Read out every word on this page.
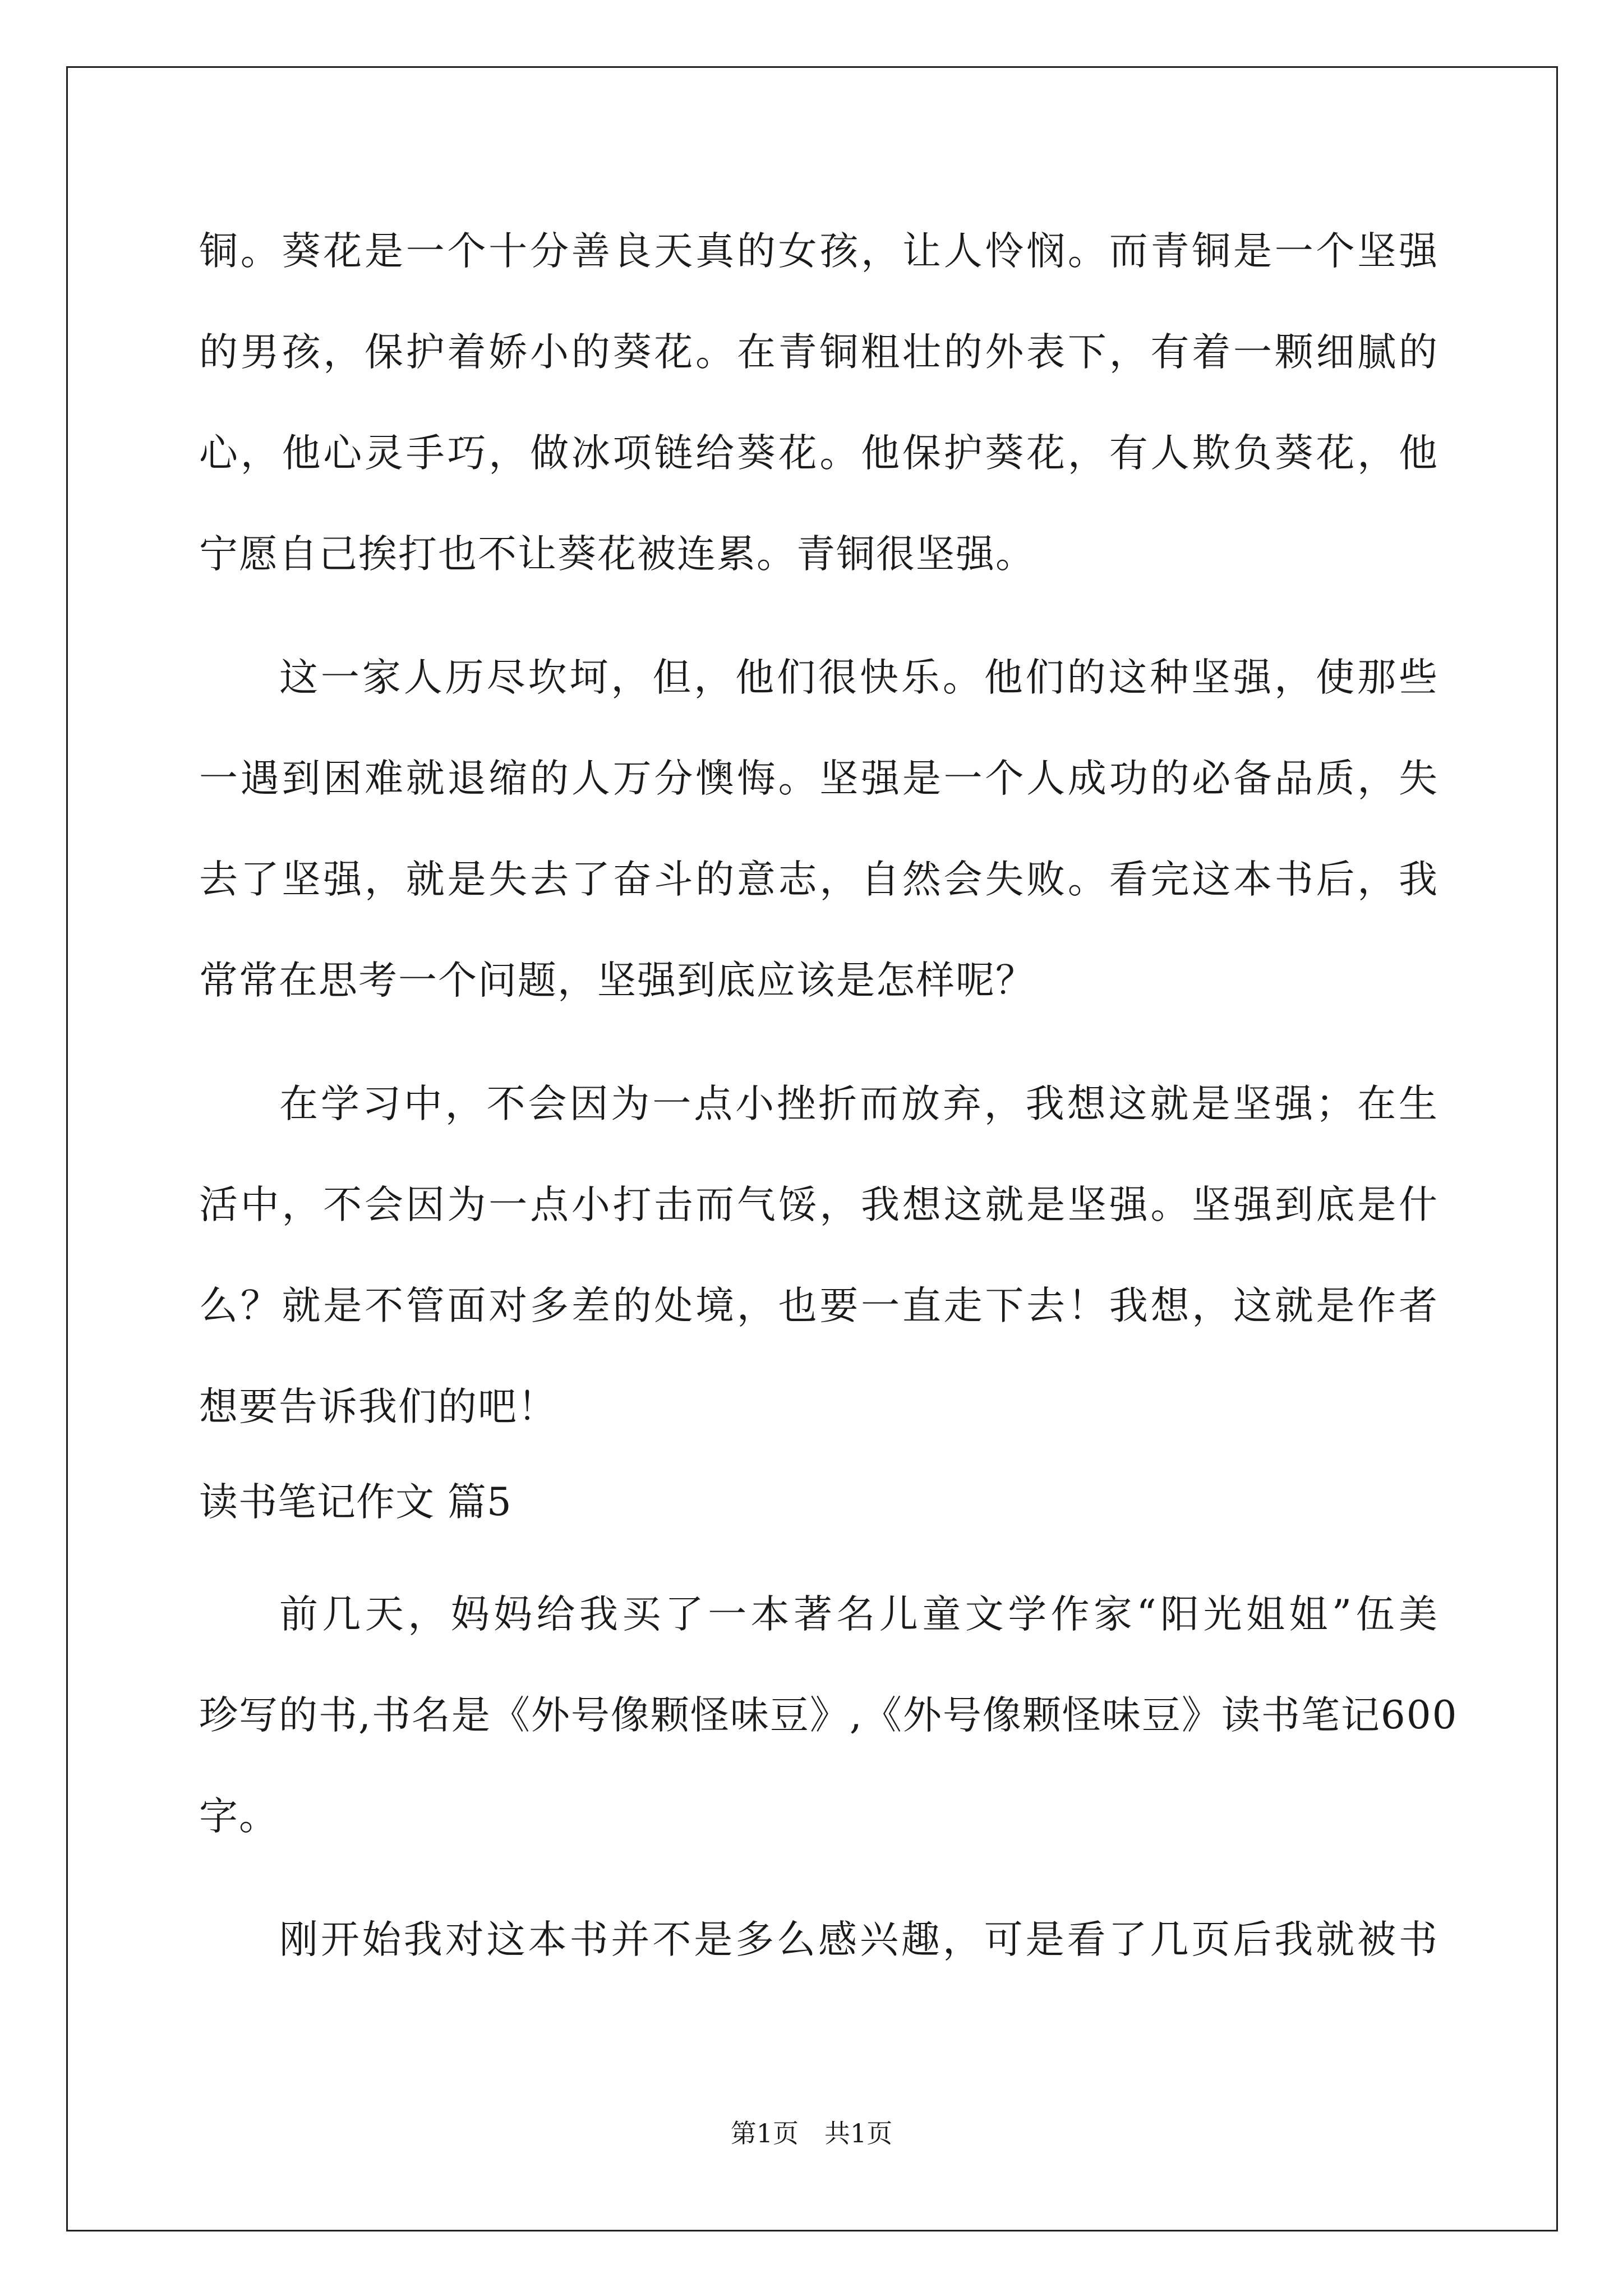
铜。葵花是一个十分善良天真的女孩，让人怜悯。而青铜是一个坚强
的男孩，保护着娇小的葵花。在青铜粗壮的外表下，有着一颗细腻的
心，他心灵手巧，做冰项链给葵花。他保护葵花，有人欺负葵花，他
宁愿自己挨打也不让葵花被连累。青铜很坚强。
这一家人历尽坎坷，但，他们很快乐。他们的这种坚强，使那些
一遇到困难就退缩的人万分懊悔。坚强是一个人成功的必备品质，失
去了坚强，就是失去了奋斗的意志，自然会失败。看完这本书后，我
常常在思考一个问题，坚强到底应该是怎样呢？
在学习中，不会因为一点小挫折而放弃，我想这就是坚强；在生
活中，不会因为一点小打击而气馁，我想这就是坚强。坚强到底是什
么？就是不管面对多差的处境，也要一直走下去！我想，这就是作者
想要告诉我们的吧！
读书笔记作文 篇5
前几天，妈妈给我买了一本著名儿童文学作家“阳光姐姐”伍美
珍写的书,书名是《外号像颗怪味豆》,《外号像颗怪味豆》读书笔记600
字。
刚开始我对这本书并不是多么感兴趣，可是看了几页后我就被书
第1页　共1页
